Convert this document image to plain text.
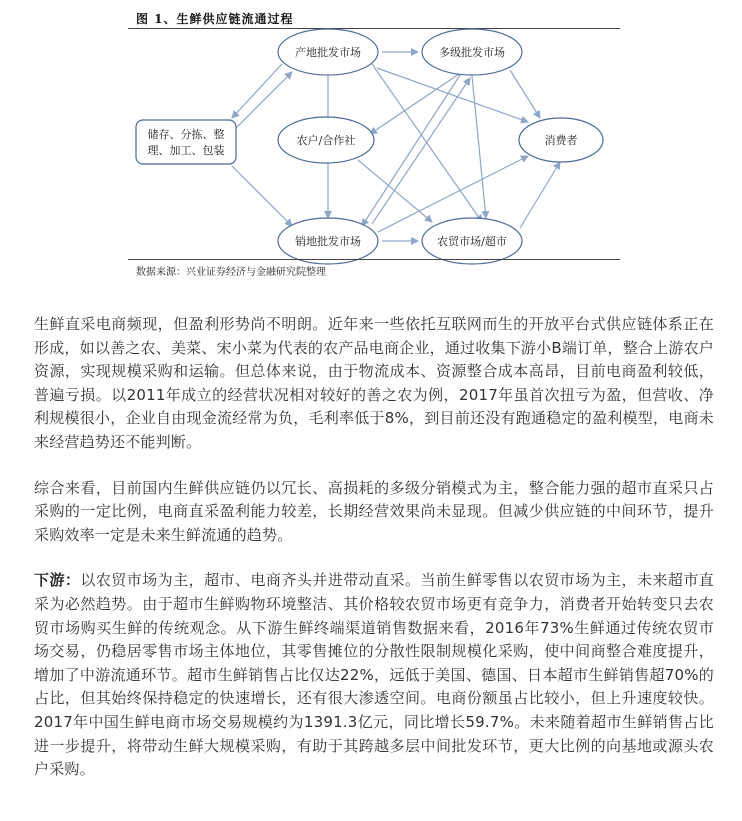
图 1、生鲜供应链流通过程
产地批发市场	多级批发市场
储存、分拣、整
理、加工、包装
农户/合作社	消费者
销地批发市场	农贸市场/超市
数据来源：兴业证券经济与金融研究院整理

生鲜直采电商频现，但盈利形势尚不明朗。近年来一些依托互联网而生的开放平台式供应链体系正在形成，如以善之农、美菜、宋小菜为代表的农产品电商企业，通过收集下游小B端订单，整合上游农户资源，实现规模采购和运输。但总体来说，由于物流成本、资源整合成本高昂，目前电商盈利较低，普遍亏损。以2011年成立的经营状况相对较好的善之农为例，2017年虽首次扭亏为盈，但营收、净利规模很小，企业自由现金流经常为负，毛利率低于8%，到目前还没有跑通稳定的盈利模型，电商未来经营趋势还不能判断。

综合来看，目前国内生鲜供应链仍以冗长、高损耗的多级分销模式为主，整合能力强的超市直采只占采购的一定比例，电商直采盈利能力较差，长期经营效果尚未显现。但减少供应链的中间环节，提升采购效率一定是未来生鲜流通的趋势。

下游：以农贸市场为主，超市、电商齐头并进带动直采。当前生鲜零售以农贸市场为主，未来超市直采为必然趋势。由于超市生鲜购物环境整洁、其价格较农贸市场更有竞争力，消费者开始转变只去农贸市场购买生鲜的传统观念。从下游生鲜终端渠道销售数据来看，2016年73%生鲜通过传统农贸市场交易，仍稳居零售市场主体地位，其零售摊位的分散性限制规模化采购，使中间商整合难度提升，增加了中游流通环节。超市生鲜销售占比仅达22%，远低于美国、德国、日本超市生鲜销售超70%的占比，但其始终保持稳定的快速增长，还有很大渗透空间。电商份额虽占比较小，但上升速度较快。2017年中国生鲜电商市场交易规模约为1391.3亿元，同比增长59.7%。未来随着超市生鲜销售占比进一步提升，将带动生鲜大规模采购，有助于其跨越多层中间批发环节，更大比例的向基地或源头农户采购。
